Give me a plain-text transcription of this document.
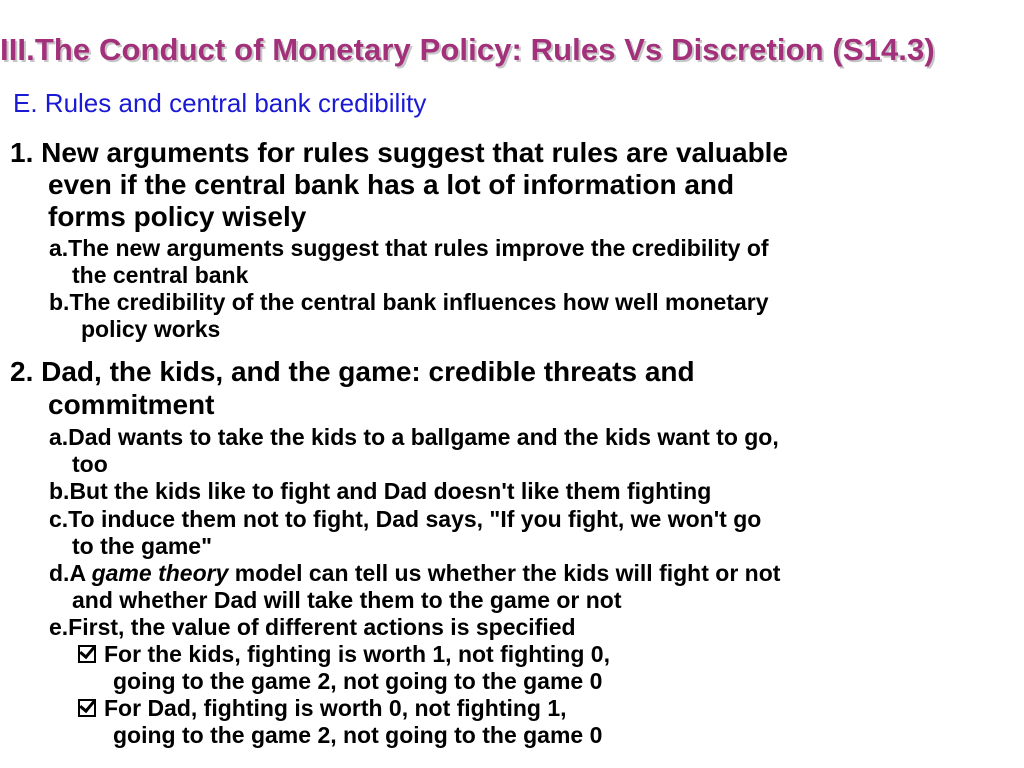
III.The Conduct of Monetary Policy: Rules Vs Discretion (S14.3)
E. Rules and central bank credibility
1. New arguments for rules suggest that rules are valuable
even if the central bank has a lot of information and
forms policy wisely
a.The new arguments suggest that rules improve the credibility of
the central bank
b.The credibility of the central bank influences how well monetary
policy works
2. Dad, the kids, and the game: credible threats and
commitment
a.Dad wants to take the kids to a ballgame and the kids want to go,
too
b.But the kids like to fight and Dad doesn't like them fighting
c.To induce them not to fight, Dad says, "If you fight, we won't go
to the game"
d.A game theory model can tell us whether the kids will fight or not
and whether Dad will take them to the game or not
e.First, the value of different actions is specified
For the kids, fighting is worth 1, not fighting 0,
going to the game 2, not going to the game 0
For Dad, fighting is worth 0, not fighting 1,
going to the game 2, not going to the game 0
